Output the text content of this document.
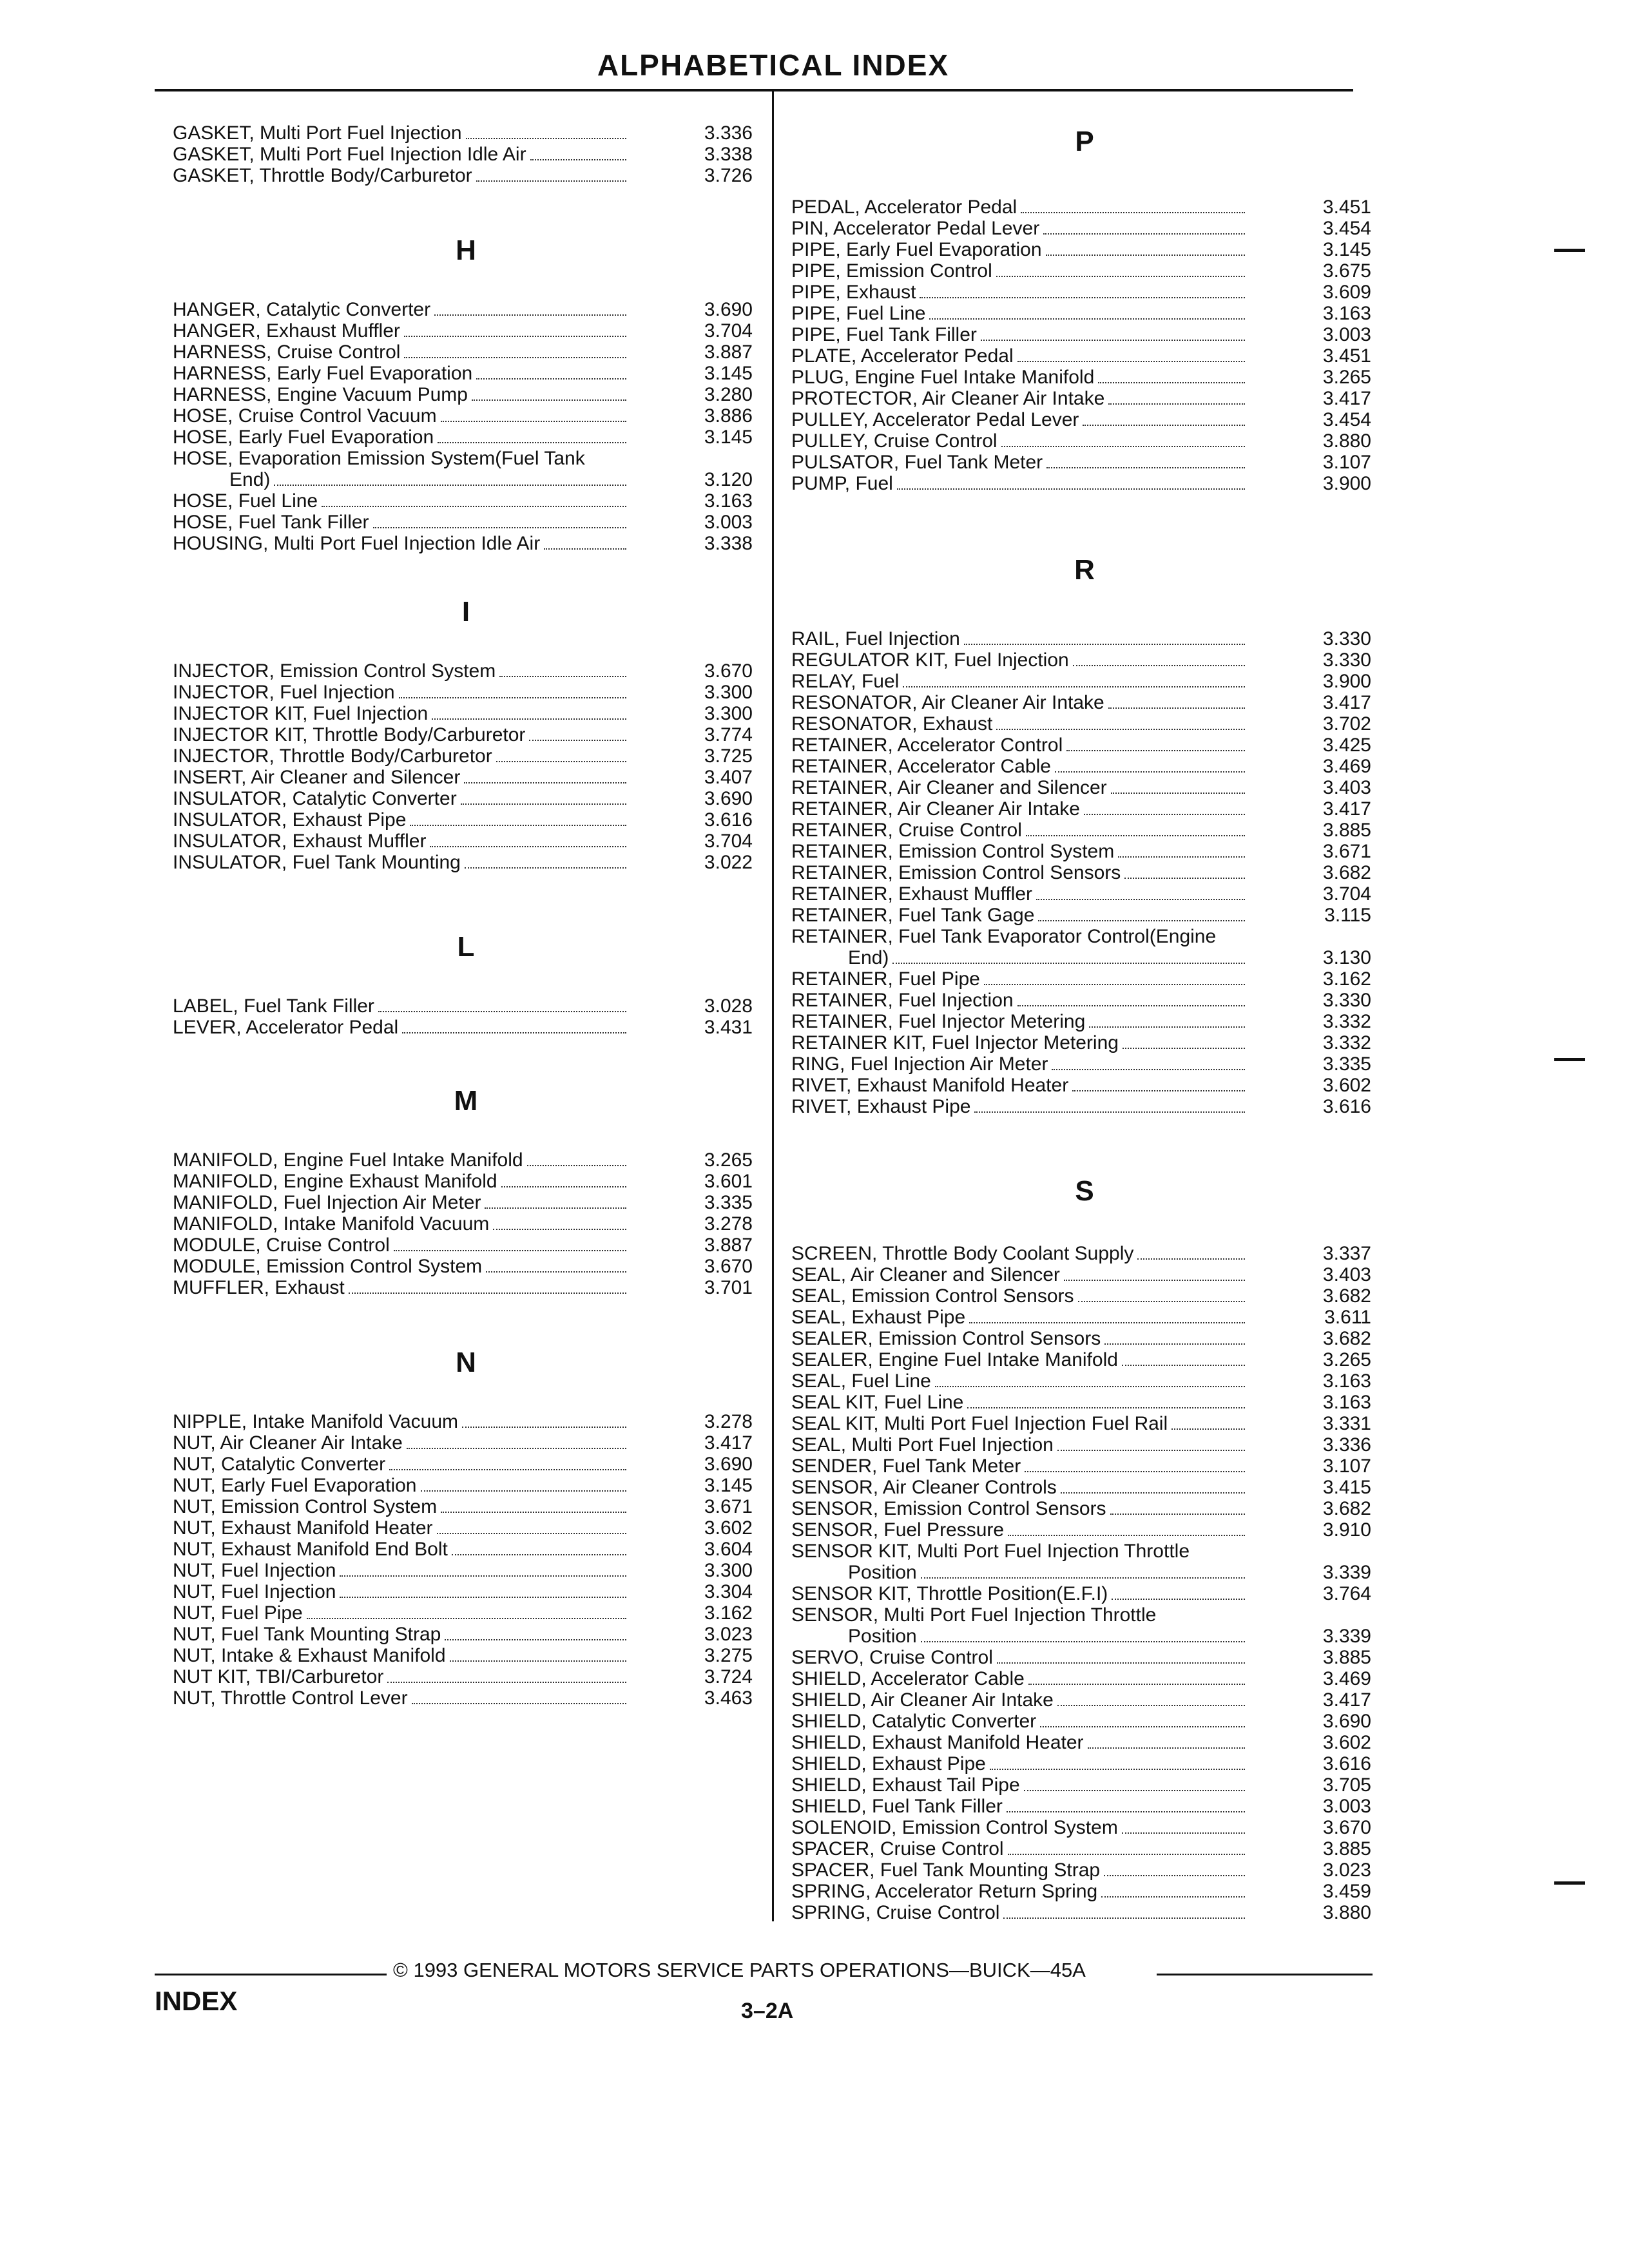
ALPHABETICAL INDEX
GASKET, Multi Port Fuel Injection	3.336
GASKET, Multi Port Fuel Injection Idle Air	3.338
GASKET, Throttle Body/Carburetor	3.726
H
HANGER, Catalytic Converter	3.690
HANGER, Exhaust Muffler	3.704
HARNESS, Cruise Control	3.887
HARNESS, Early Fuel Evaporation	3.145
HARNESS, Engine Vacuum Pump	3.280
HOSE, Cruise Control Vacuum	3.886
HOSE, Early Fuel Evaporation	3.145
HOSE, Evaporation Emission System(Fuel Tank
End)	3.120
HOSE, Fuel Line	3.163
HOSE, Fuel Tank Filler	3.003
HOUSING, Multi Port Fuel Injection Idle Air	3.338
I
INJECTOR, Emission Control System	3.670
INJECTOR, Fuel Injection	3.300
INJECTOR KIT, Fuel Injection	3.300
INJECTOR KIT, Throttle Body/Carburetor	3.774
INJECTOR, Throttle Body/Carburetor	3.725
INSERT, Air Cleaner and Silencer	3.407
INSULATOR, Catalytic Converter	3.690
INSULATOR, Exhaust Pipe	3.616
INSULATOR, Exhaust Muffler	3.704
INSULATOR, Fuel Tank Mounting	3.022
L
LABEL, Fuel Tank Filler	3.028
LEVER, Accelerator Pedal	3.431
M
MANIFOLD, Engine Fuel Intake Manifold	3.265
MANIFOLD, Engine Exhaust Manifold	3.601
MANIFOLD, Fuel Injection Air Meter	3.335
MANIFOLD, Intake Manifold Vacuum	3.278
MODULE, Cruise Control	3.887
MODULE, Emission Control System	3.670
MUFFLER, Exhaust	3.701
N
NIPPLE, Intake Manifold Vacuum	3.278
NUT, Air Cleaner Air Intake	3.417
NUT, Catalytic Converter	3.690
NUT, Early Fuel Evaporation	3.145
NUT, Emission Control System	3.671
NUT, Exhaust Manifold Heater	3.602
NUT, Exhaust Manifold End Bolt	3.604
NUT, Fuel Injection	3.300
NUT, Fuel Injection	3.304
NUT, Fuel Pipe	3.162
NUT, Fuel Tank Mounting Strap	3.023
NUT, Intake & Exhaust Manifold	3.275
NUT KIT, TBI/Carburetor	3.724
NUT, Throttle Control Lever	3.463
P
PEDAL, Accelerator Pedal	3.451
PIN, Accelerator Pedal Lever	3.454
PIPE, Early Fuel Evaporation	3.145
PIPE, Emission Control	3.675
PIPE, Exhaust	3.609
PIPE, Fuel Line	3.163
PIPE, Fuel Tank Filler	3.003
PLATE, Accelerator Pedal	3.451
PLUG, Engine Fuel Intake Manifold	3.265
PROTECTOR, Air Cleaner Air Intake	3.417
PULLEY, Accelerator Pedal Lever	3.454
PULLEY, Cruise Control	3.880
PULSATOR, Fuel Tank Meter	3.107
PUMP, Fuel	3.900
R
RAIL, Fuel Injection	3.330
REGULATOR KIT, Fuel Injection	3.330
RELAY, Fuel	3.900
RESONATOR, Air Cleaner Air Intake	3.417
RESONATOR, Exhaust	3.702
RETAINER, Accelerator Control	3.425
RETAINER, Accelerator Cable	3.469
RETAINER, Air Cleaner and Silencer	3.403
RETAINER, Air Cleaner Air Intake	3.417
RETAINER, Cruise Control	3.885
RETAINER, Emission Control System	3.671
RETAINER, Emission Control Sensors	3.682
RETAINER, Exhaust Muffler	3.704
RETAINER, Fuel Tank Gage	3.115
RETAINER, Fuel Tank Evaporator Control(Engine
End)	3.130
RETAINER, Fuel Pipe	3.162
RETAINER, Fuel Injection	3.330
RETAINER, Fuel Injector Metering	3.332
RETAINER KIT, Fuel Injector Metering	3.332
RING, Fuel Injection Air Meter	3.335
RIVET, Exhaust Manifold Heater	3.602
RIVET, Exhaust Pipe	3.616
S
SCREEN, Throttle Body Coolant Supply	3.337
SEAL, Air Cleaner and Silencer	3.403
SEAL, Emission Control Sensors	3.682
SEAL, Exhaust Pipe	3.611
SEALER, Emission Control Sensors	3.682
SEALER, Engine Fuel Intake Manifold	3.265
SEAL, Fuel Line	3.163
SEAL KIT, Fuel Line	3.163
SEAL KIT, Multi Port Fuel Injection Fuel Rail	3.331
SEAL, Multi Port Fuel Injection	3.336
SENDER, Fuel Tank Meter	3.107
SENSOR, Air Cleaner Controls	3.415
SENSOR, Emission Control Sensors	3.682
SENSOR, Fuel Pressure	3.910
SENSOR KIT, Multi Port Fuel Injection Throttle
Position	3.339
SENSOR KIT, Throttle Position(E.F.I)	3.764
SENSOR, Multi Port Fuel Injection Throttle
Position	3.339
SERVO, Cruise Control	3.885
SHIELD, Accelerator Cable	3.469
SHIELD, Air Cleaner Air Intake	3.417
SHIELD, Catalytic Converter	3.690
SHIELD, Exhaust Manifold Heater	3.602
SHIELD, Exhaust Pipe	3.616
SHIELD, Exhaust Tail Pipe	3.705
SHIELD, Fuel Tank Filler	3.003
SOLENOID, Emission Control System	3.670
SPACER, Cruise Control	3.885
SPACER, Fuel Tank Mounting Strap	3.023
SPRING, Accelerator Return Spring	3.459
SPRING, Cruise Control	3.880
© 1993 GENERAL MOTORS SERVICE PARTS OPERATIONS—BUICK—45A
INDEX	3–2A
